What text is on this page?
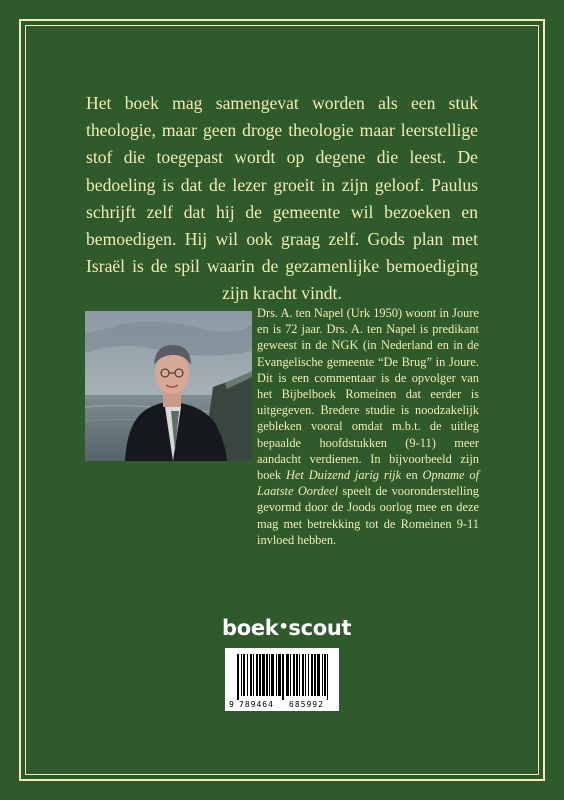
Het boek mag samengevat worden als een stuk theologie, maar geen droge theologie maar leerstellige stof die toegepast wordt op degene die leest. De bedoeling is dat de lezer groeit in zijn geloof. Paulus schrijft zelf dat hij de gemeente wil bezoeken en bemoedigen. Hij wil ook graag zelf. Gods plan met Israël is de spil waarin de gezamenlijke bemoediging zijn kracht vindt.

Drs. A. ten Napel (Urk 1950) woont in Joure en is 72 jaar. Drs. A. ten Napel is predikant geweest in de NGK (in Nederland en in de Evangelische gemeente “De Brug” in Joure. Dit is een commentaar is de opvolger van het Bijbelboek Romeinen dat eerder is uitgegeven. Bredere studie is noodzakelijk gebleken vooral omdat m.b.t. de uitleg bepaalde hoofdstukken (9-11) meer aandacht verdienen. In bijvoorbeeld zijn boek Het Duizend jarig rijk en Opname of Laatste Oordeel speelt de vooronderstelling gevormd door de Joods oorlog mee en deze mag met betrekking tot de Romeinen 9-11 invloed hebben.

boek•scout
9 789464 685992
